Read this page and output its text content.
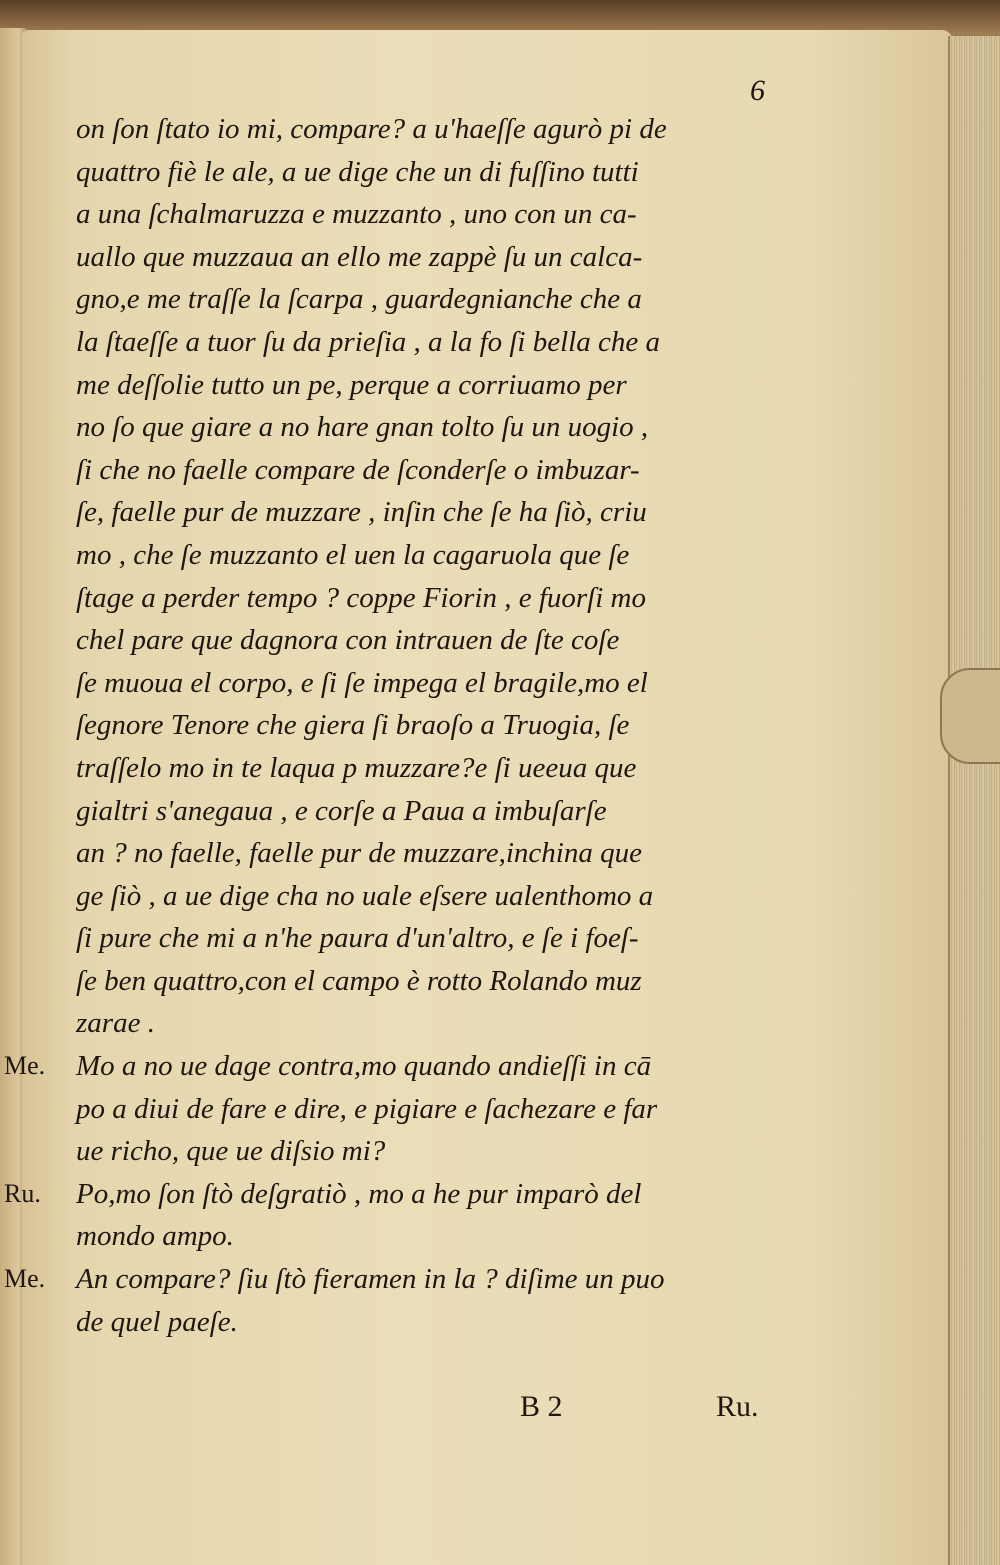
6
on ſon ſtato io mi, compare? a u'haeſſe agurò pi de
quattro fiè le ale, a ue dige che un di fuſſino tutti
a una ſchalmaruzza e muzzanto , uno con un ca-
uallo que muzzaua an ello me zappè ſu un calca-
gno,e me traſſe la ſcarpa , guardegnianche che a
la ſtaeſſe a tuor ſu da prieſia , a la fo ſi bella che a
me deſſolie tutto un pe, perque a corriuamo per
no ſo que giare a no hare gnan tolto ſu un uogio ,
ſi che no faelle compare de ſconderſe o imbuzar-
ſe, faelle pur de muzzare , inſin che ſe ha ſiò, criu
mo , che ſe muzzanto el uen la cagaruola que ſe
ſtage a perder tempo ? coppe Fiorin , e fuorſi mo
chel pare que dagnora con intrauen de ſte coſe
ſe muoua el corpo, e ſi ſe impega el bragile,mo el
ſegnore Tenore che giera ſi braoſo a Truogia, ſe
traſſelo mo in te laqua p muzzare?e ſi ueeua que
gialtri s'anegaua , e corſe a Paua a imbuſarſe
an ? no faelle, faelle pur de muzzare,inchina que
ge ſiò , a ue dige cha no uale eſsere ualenthomo a
ſi pure che mi a n'he paura d'un'altro, e ſe i foeſ-
ſe ben quattro,con el campo è rotto Rolando muz
zarae .
Me.	Mo a no ue dage contra,mo quando andieſſi in cā
po a diui de fare e dire, e pigiare e ſachezare e far
ue richo, que ue diſsio mi?
Ru.	Po,mo ſon ſtò deſgratiò , mo a he pur imparò del
mondo ampo.
Me.	An compare? ſiu ſtò fieramen in la ? diſime un puo
de quel paeſe.
B 2	Ru.
